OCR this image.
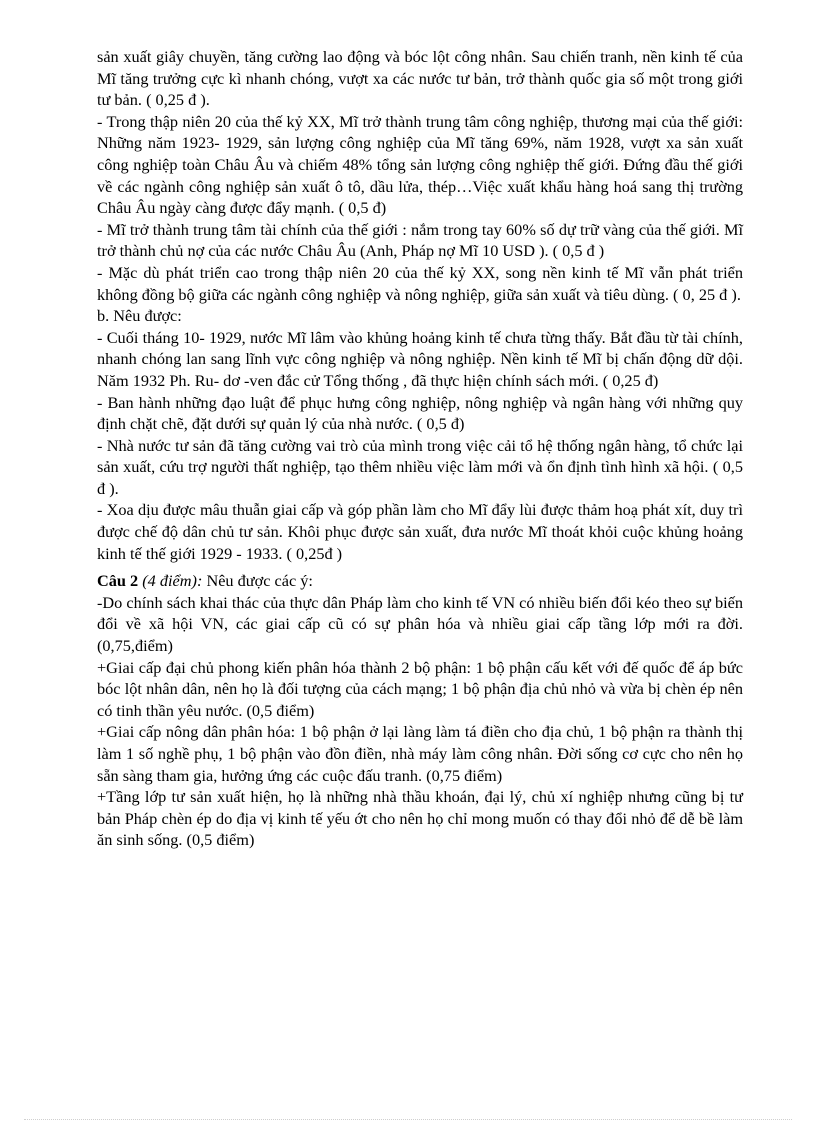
sản xuất giây chuyền, tăng cường lao động và bóc lột công nhân. Sau chiến tranh, nền kinh tế của Mĩ tăng trưởng cực kì nhanh chóng, vượt xa các nước tư bản, trở thành quốc gia số một trong giới tư bản. ( 0,25 đ ).

- Trong thập niên 20 của thế kỷ XX, Mĩ trở thành trung tâm công nghiệp, thương mại của thế giới: Những năm 1923- 1929, sản lượng công nghiệp của Mĩ tăng 69%, năm 1928, vượt xa sản xuất công nghiệp toàn Châu Âu và chiếm 48% tổng sản lượng công nghiệp thế giới. Đứng đầu thế giới về các ngành công nghiệp sản xuất ô tô, dầu lửa, thép…Việc xuất khẩu hàng hoá sang thị trường Châu Âu ngày càng được đẩy mạnh. ( 0,5 đ)

- Mĩ trở thành trung tâm tài chính của thế giới : nắm trong tay 60% số dự trữ vàng của thế giới. Mĩ trở thành chủ nợ của các nước Châu Âu (Anh, Pháp nợ Mĩ 10 USD ). ( 0,5 đ )

- Mặc dù phát triển cao trong thập niên 20 của thế kỷ XX, song nền kinh tế Mĩ vẫn phát triển không đồng bộ giữa các ngành công nghiệp và nông nghiệp, giữa sản xuất và tiêu dùng. ( 0, 25 đ ).

b. Nêu được:

- Cuối tháng 10- 1929, nước Mĩ lâm vào khủng hoảng kinh tế chưa từng thấy. Bắt đầu từ tài chính, nhanh chóng lan sang lĩnh vực công nghiệp và nông nghiệp. Nền kinh tế Mĩ bị chấn động dữ dội. Năm 1932 Ph. Ru- dơ -ven đắc cử Tổng thống , đã thực hiện chính sách mới. ( 0,25 đ)

- Ban hành những đạo luật để phục hưng công nghiệp, nông nghiệp và ngân hàng với những quy định chặt chẽ, đặt dưới sự quản lý của nhà nước. ( 0,5 đ)

- Nhà nước tư sản đã tăng cường vai trò của mình trong việc cải tổ hệ thống ngân hàng, tổ chức lại sản xuất, cứu trợ người thất nghiệp, tạo thêm nhiều việc làm mới và ổn định tình hình xã hội. ( 0,5 đ ).

- Xoa dịu được mâu thuẫn giai cấp và góp phần làm cho Mĩ đẩy lùi được thảm hoạ phát xít, duy trì được chế độ dân chủ tư sản. Khôi phục được sản xuất, đưa nước Mĩ thoát khỏi cuộc khủng hoảng kinh tế thế giới 1929 - 1933. ( 0,25đ )

Câu 2 (4 điểm): Nêu được các ý:

-Do chính sách khai thác của thực dân Pháp làm cho kinh tế VN có nhiều biến đổi kéo theo sự biến đổi về xã hội VN, các giai cấp cũ có sự phân hóa và nhiều giai cấp tầng lớp mới ra đời. (0,75,điểm)

+Giai cấp đại chủ phong kiến phân hóa thành 2 bộ phận: 1 bộ phận cấu kết với đế quốc để áp bức bóc lột nhân dân, nên họ là đối tượng của cách mạng; 1 bộ phận địa chủ nhỏ và vừa bị chèn ép nên có tinh thần yêu nước. (0,5 điểm)

+Giai cấp nông dân phân hóa: 1 bộ phận ở lại làng làm tá điền cho địa chủ, 1 bộ phận ra thành thị làm 1 số nghề phụ, 1 bộ phận vào đồn điền, nhà máy làm công nhân. Đời sống cơ cực cho nên họ sẵn sàng tham gia, hưởng ứng các cuộc đấu tranh. (0,75 điểm)

+Tầng lớp tư sản xuất hiện, họ là những nhà thầu khoán, đại lý, chủ xí nghiệp nhưng cũng bị tư bản Pháp chèn ép do địa vị kinh tế yếu ớt cho nên họ chỉ mong muốn có thay đổi nhỏ để dễ bề làm ăn sinh sống. (0,5 điểm)
